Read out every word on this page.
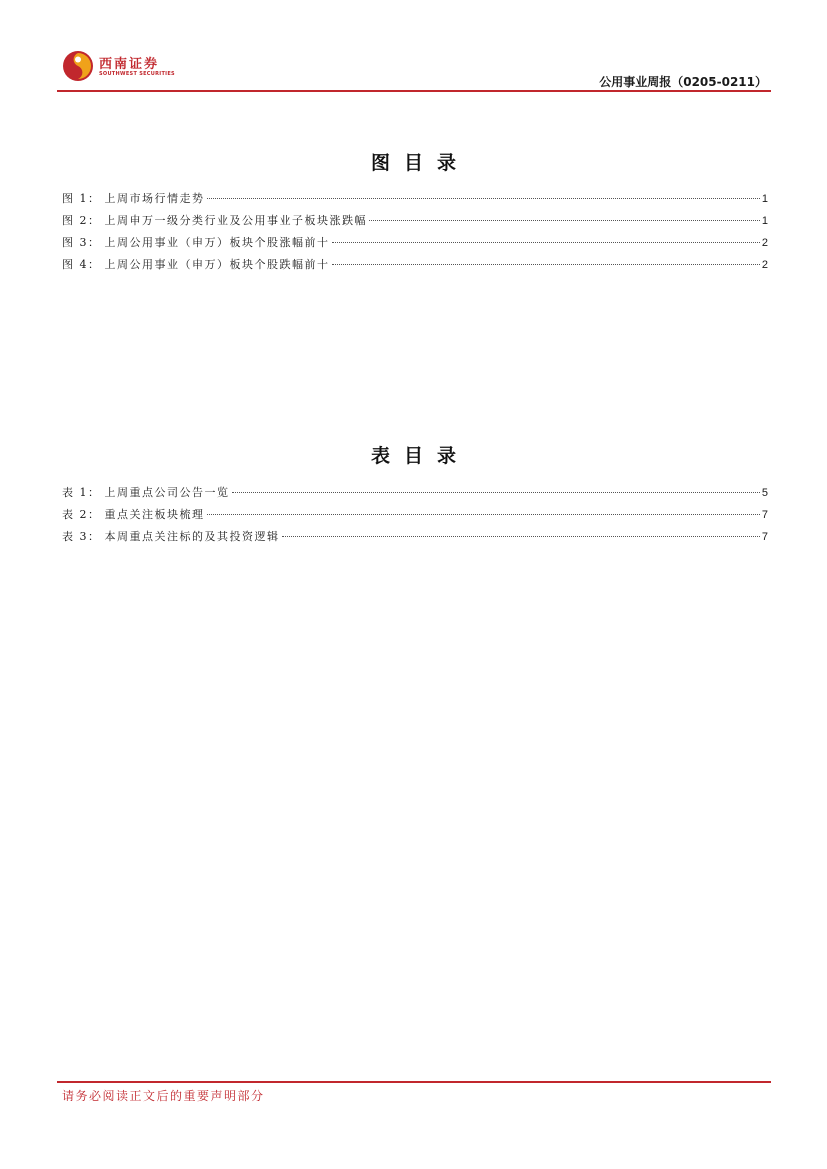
西南证券
SOUTHWEST SECURITIES
公用事业周报（0205-0211）
图目录
图 1： 上周市场行情走势	1
图 2： 上周申万一级分类行业及公用事业子板块涨跌幅	1
图 3： 上周公用事业（申万）板块个股涨幅前十	2
图 4： 上周公用事业（申万）板块个股跌幅前十	2
表目录
表 1： 上周重点公司公告一览	5
表 2： 重点关注板块梳理	7
表 3： 本周重点关注标的及其投资逻辑	7
请务必阅读正文后的重要声明部分
